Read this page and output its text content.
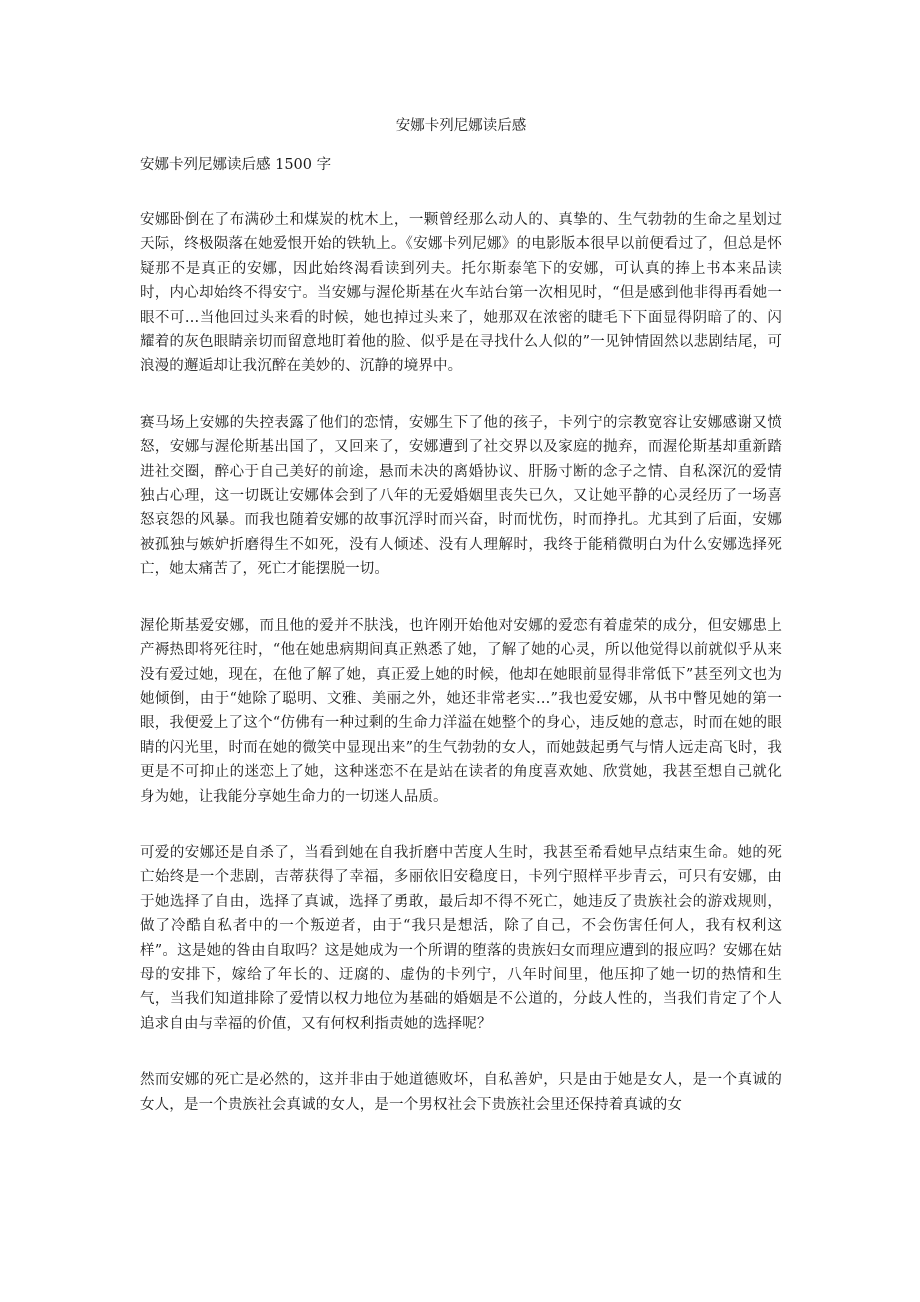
安娜卡列尼娜读后感
安娜卡列尼娜读后感 1500 字

安娜卧倒在了布满砂土和煤炭的枕木上，一颗曾经那么动人的、真挚的、生气勃勃的生命之星划过天际，终极陨落在她爱恨开始的铁轨上。《安娜卡列尼娜》的电影版本很早以前便看过了，但总是怀疑那不是真正的安娜，因此始终渴看读到列夫。托尔斯泰笔下的安娜，可认真的捧上书本来品读时，内心却始终不得安宁。当安娜与渥伦斯基在火车站台第一次相见时，“但是感到他非得再看她一眼不可…当他回过头来看的时候，她也掉过头来了，她那双在浓密的睫毛下下面显得阴暗了的、闪耀着的灰色眼睛亲切而留意地盯着他的脸、似乎是在寻找什么人似的”一见钟情固然以悲剧结尾，可浪漫的邂逅却让我沉醉在美妙的、沉静的境界中。

赛马场上安娜的失控表露了他们的恋情，安娜生下了他的孩子，卡列宁的宗教宽容让安娜感谢又愤怒，安娜与渥伦斯基出国了，又回来了，安娜遭到了社交界以及家庭的抛弃，而渥伦斯基却重新踏进社交圈，醉心于自己美好的前途，悬而未决的离婚协议、肝肠寸断的念子之情、自私深沉的爱情独占心理，这一切既让安娜体会到了八年的无爱婚姻里丧失已久，又让她平静的心灵经历了一场喜怒哀怨的风暴。而我也随着安娜的故事沉浮时而兴奋，时而忧伤，时而挣扎。尤其到了后面，安娜被孤独与嫉妒折磨得生不如死，没有人倾述、没有人理解时，我终于能稍微明白为什么安娜选择死亡，她太痛苦了，死亡才能摆脱一切。

渥伦斯基爱安娜，而且他的爱并不肤浅，也许刚开始他对安娜的爱恋有着虚荣的成分，但安娜患上产褥热即将死往时，“他在她患病期间真正熟悉了她，了解了她的心灵，所以他觉得以前就似乎从来没有爱过她，现在，在他了解了她，真正爱上她的时候，他却在她眼前显得非常低下”甚至列文也为她倾倒，由于“她除了聪明、文雅、美丽之外，她还非常老实…”我也爱安娜，从书中瞥见她的第一眼，我便爱上了这个“仿佛有一种过剩的生命力洋溢在她整个的身心，违反她的意志，时而在她的眼睛的闪光里，时而在她的微笑中显现出来”的生气勃勃的女人，而她鼓起勇气与情人远走高飞时，我更是不可抑止的迷恋上了她，这种迷恋不在是站在读者的角度喜欢她、欣赏她，我甚至想自己就化身为她，让我能分享她生命力的一切迷人品质。

可爱的安娜还是自杀了，当看到她在自我折磨中苦度人生时，我甚至希看她早点结束生命。她的死亡始终是一个悲剧，吉蒂获得了幸福，多丽依旧安稳度日，卡列宁照样平步青云，可只有安娜，由于她选择了自由，选择了真诚，选择了勇敢，最后却不得不死亡，她违反了贵族社会的游戏规则，做了冷酷自私者中的一个叛逆者，由于“我只是想活，除了自己，不会伤害任何人，我有权利这样”。这是她的咎由自取吗？这是她成为一个所谓的堕落的贵族妇女而理应遭到的报应吗？安娜在姑母的安排下，嫁给了年长的、迂腐的、虚伪的卡列宁，八年时间里，他压抑了她一切的热情和生气，当我们知道排除了爱情以权力地位为基础的婚姻是不公道的，分歧人性的，当我们肯定了个人追求自由与幸福的价值，又有何权利指责她的选择呢？

然而安娜的死亡是必然的，这并非由于她道德败坏，自私善妒，只是由于她是女人，是一个真诚的女人，是一个贵族社会真诚的女人，是一个男权社会下贵族社会里还保持着真诚的女
